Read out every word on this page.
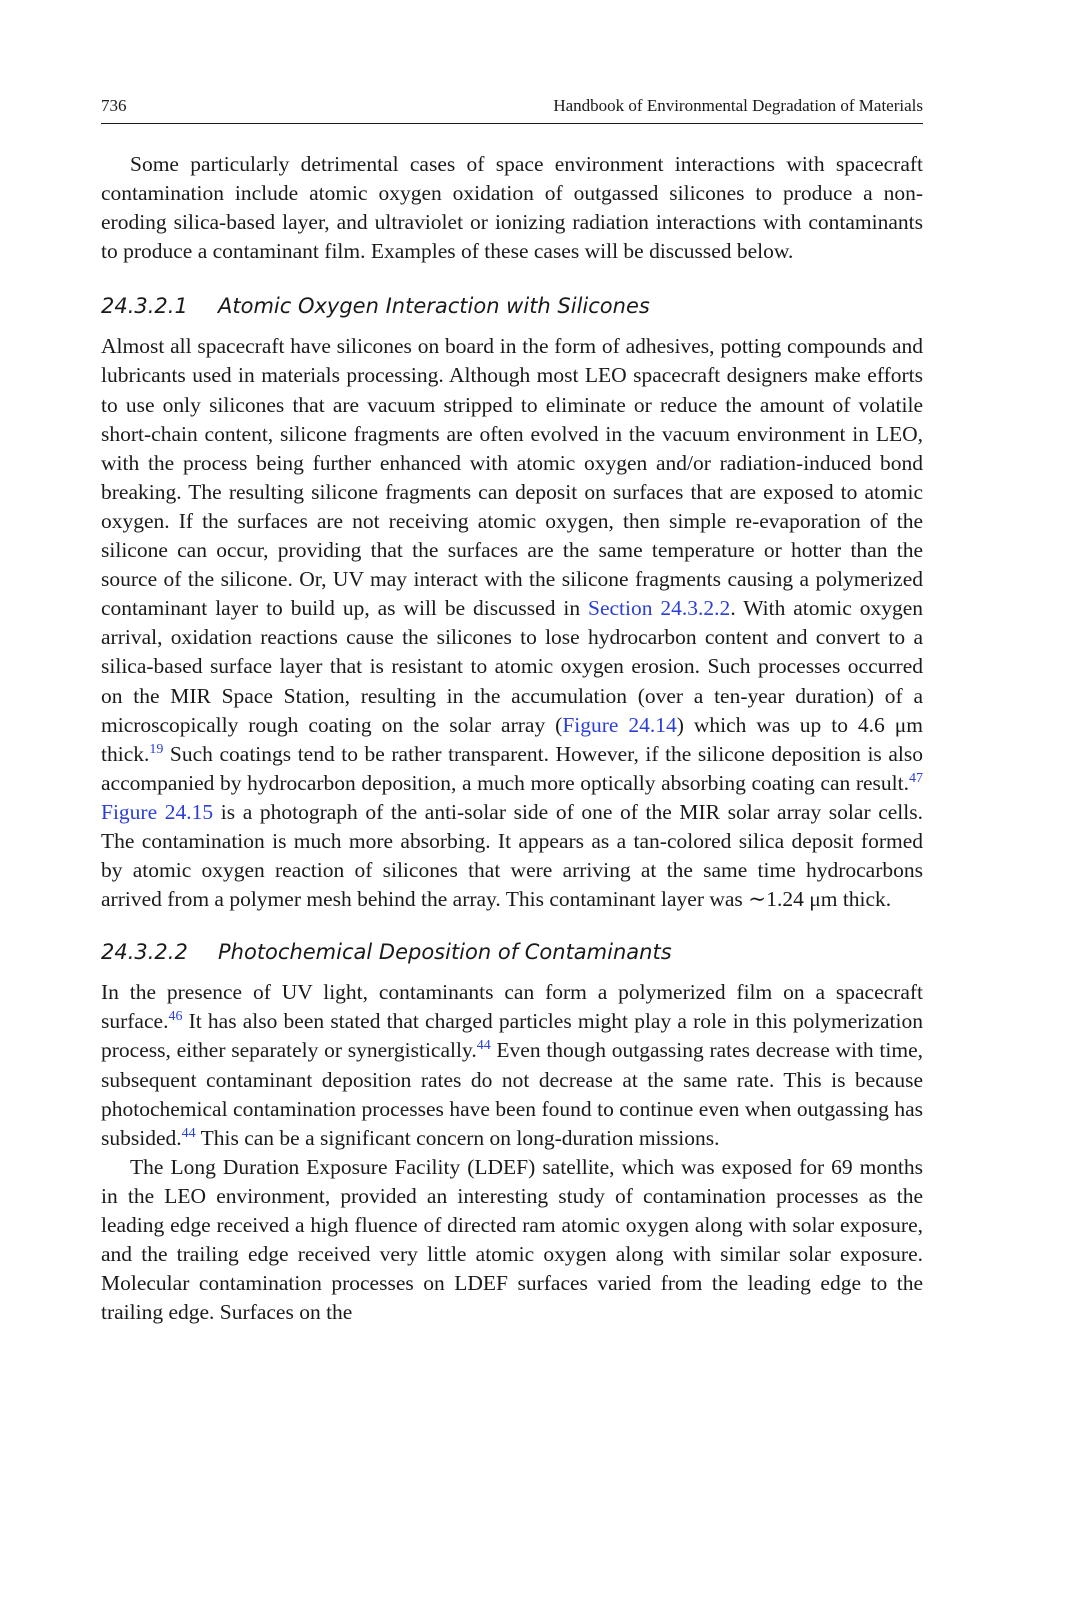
736	Handbook of Environmental Degradation of Materials

Some particularly detrimental cases of space environment interactions with spacecraft contamination include atomic oxygen oxidation of outgassed silicones to produce a non-eroding silica-based layer, and ultraviolet or ionizing radiation interactions with contaminants to produce a contaminant film. Examples of these cases will be discussed below.

24.3.2.1	Atomic Oxygen Interaction with Silicones

Almost all spacecraft have silicones on board in the form of adhesives, potting compounds and lubricants used in materials processing. Although most LEO spacecraft designers make efforts to use only silicones that are vacuum stripped to eliminate or reduce the amount of volatile short-chain content, silicone fragments are often evolved in the vacuum environment in LEO, with the process being further enhanced with atomic oxygen and/or radiation-induced bond breaking. The resulting silicone fragments can deposit on surfaces that are exposed to atomic oxygen. If the surfaces are not receiving atomic oxygen, then simple re-evaporation of the silicone can occur, providing that the surfaces are the same temperature or hotter than the source of the silicone. Or, UV may interact with the silicone fragments causing a polymerized contaminant layer to build up, as will be discussed in Section 24.3.2.2. With atomic oxygen arrival, oxidation reactions cause the silicones to lose hydrocarbon content and convert to a silica-based surface layer that is resistant to atomic oxygen erosion. Such processes occurred on the MIR Space Station, resulting in the accumulation (over a ten-year duration) of a microscopically rough coating on the solar array (Figure 24.14) which was up to 4.6 μm thick.$^{19}$ Such coatings tend to be rather transparent. However, if the silicone deposition is also accompanied by hydrocarbon deposition, a much more optically absorbing coating can result.$^{47}$ Figure 24.15 is a photograph of the anti-solar side of one of the MIR solar array solar cells. The contamination is much more absorbing. It appears as a tan-colored silica deposit formed by atomic oxygen reaction of silicones that were arriving at the same time hydrocarbons arrived from a polymer mesh behind the array. This contaminant layer was ∼1.24 μm thick.

24.3.2.2	Photochemical Deposition of Contaminants

In the presence of UV light, contaminants can form a polymerized film on a spacecraft surface.$^{46}$ It has also been stated that charged particles might play a role in this polymerization process, either separately or synergistically.$^{44}$ Even though outgassing rates decrease with time, subsequent contaminant deposition rates do not decrease at the same rate. This is because photochemical contamination processes have been found to continue even when outgassing has subsided.$^{44}$ This can be a significant concern on long-duration missions.

The Long Duration Exposure Facility (LDEF) satellite, which was exposed for 69 months in the LEO environment, provided an interesting study of contamination processes as the leading edge received a high fluence of directed ram atomic oxygen along with solar exposure, and the trailing edge received very little atomic oxygen along with similar solar exposure. Molecular contamination processes on LDEF surfaces varied from the leading edge to the trailing edge. Surfaces on the
